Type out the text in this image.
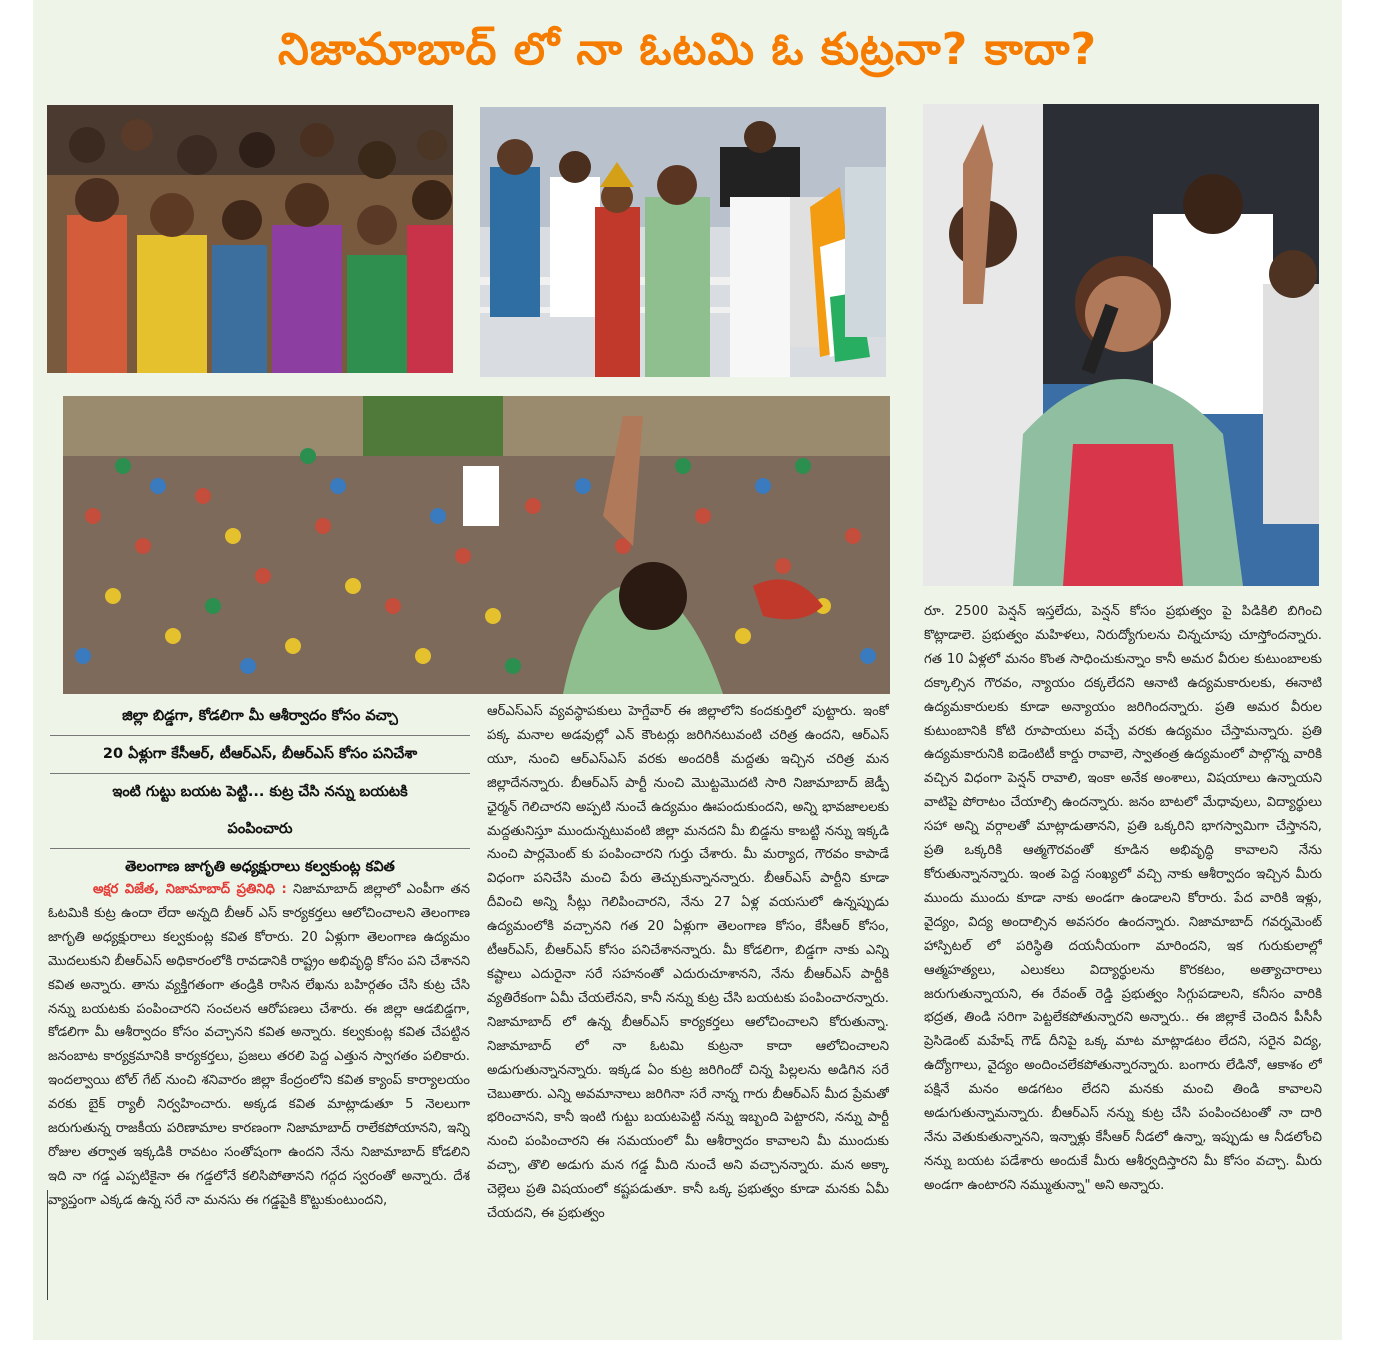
నిజామాబాద్ లో నా ఓటమి ఓ కుట్రనా? కాదా?
జిల్లా బిడ్డగా, కోడలిగా మీ ఆశీర్వాదం కోసం వచ్చా
20 ఏళ్లుగా కేసీఆర్, టీఆర్ఎస్, బీఆర్ఎస్ కోసం పనిచేశా
ఇంటి గుట్టు బయట పెట్టి... కుట్ర చేసి నన్ను బయటకి
పంపించారు
తెలంగాణ జాగృతి అధ్యక్షురాలు కల్వకుంట్ల కవిత

అక్షర విజేత, నిజామాబాద్ ప్రతినిధి : నిజామాబాద్ జిల్లాలో ఎంపీగా తన ఓటమికి కుట్ర ఉందా లేదా అన్నది బీఆర్ ఎస్ కార్యకర్తలు ఆలోచించాలని తెలంగాణ జాగృతి అధ్యక్షురాలు కల్వకుంట్ల కవిత కోరారు. 20 ఏళ్లుగా తెలంగాణ ఉద్యమం మొదలుకుని బీఆర్ఎస్ అధికారంలోకి రావడానికి రాష్ట్రం అభివృద్ధి కోసం పని చేశానని కవిత అన్నారు. తాను వ్యక్తిగతంగా తండ్రికి రాసిన లేఖను బహిర్గతం చేసి కుట్ర చేసి నన్ను బయటకు పంపించారని సంచలన ఆరోపణలు చేశారు. ఈ జిల్లా ఆడబిడ్డగా, కోడలిగా మీ ఆశీర్వాదం కోసం వచ్చానని కవిత అన్నారు. కల్వకుంట్ల కవిత చేపట్టిన జనంబాట కార్యక్రమానికి కార్యకర్తలు, ప్రజలు తరలి పెద్ద ఎత్తున స్వాగతం పలికారు. ఇందల్వాయి టోల్ గేట్ నుంచి శనివారం జిల్లా కేంద్రంలోని కవిత క్యాంప్ కార్యాలయం వరకు బైక్ ర్యాలీ నిర్వహించారు. అక్కడ కవిత మాట్లాడుతూ 5 నెలలుగా జరుగుతున్న రాజకీయ పరిణామాల కారణంగా నిజామాబాద్ రాలేకపోయానని, ఇన్ని రోజుల తర్వాత ఇక్కడికి రావటం సంతోషంగా ఉందని నేను నిజామాబాద్ కోడలిని ఇది నా గడ్డ ఎప్పటికైనా ఈ గడ్డలోనే కలిసిపోతానని గద్గద స్వరంతో అన్నారు. దేశ వ్యాప్తంగా ఎక్కడ ఉన్న సరే నా మనసు ఈ గడ్డపైకి కొట్టుకుంటుందని,

ఆర్ఎస్ఎస్ వ్యవస్థాపకులు హెగ్డేవార్ ఈ జిల్లాలోని కందకుర్తిలో పుట్టారు. ఇంకో పక్క మనాల అడవుల్లో ఎన్ కౌంటర్లు జరిగినటువంటి చరిత్ర ఉందని, ఆర్ఎస్ యూ, నుంచి ఆర్ఎస్ఎస్ వరకు అందరికీ మద్దతు ఇచ్చిన చరిత్ర మన జిల్లాదేనన్నారు. బీఆర్ఎస్ పార్టీ నుంచి మొట్టమొదటి సారి నిజామాబాద్ జెడ్పీ ఛైర్మన్ గెలిచారని అప్పటి నుంచే ఉద్యమం ఊపందుకుందని, అన్ని భావజాలలకు మద్దతునిస్తూ ముందున్నటువంటి జిల్లా మనదని మీ బిడ్డను కాబట్టి నన్ను ఇక్కడి నుంచి పార్లమెంట్ కు పంపించారని గుర్తు చేశారు. మీ మర్యాద, గౌరవం కాపాడే విధంగా పనిచేసి మంచి పేరు తెచ్చుకున్నానన్నారు. బీఆర్ఎస్ పార్టీని కూడా దీవించి అన్ని సీట్లు గెలిపించారని, నేను 27 ఏళ్ల వయసులో ఉన్నప్పుడు ఉద్యమంలోకి వచ్చానని గత 20 ఏళ్లుగా తెలంగాణ కోసం, కేసీఆర్ కోసం, టీఆర్ఎస్, బీఆర్ఎస్ కోసం పనిచేశానన్నారు. మీ కోడలిగా, బిడ్డగా నాకు ఎన్ని కష్టాలు ఎదురైనా సరే సహనంతో ఎదురుచూశానని, నేను బీఆర్ఎస్ పార్టీకి వ్యతిరేకంగా ఏమీ చేయలేనని, కానీ నన్ను కుట్ర చేసి బయటకు పంపించారన్నారు. నిజామాబాద్ లో ఉన్న బీఆర్ఎస్ కార్యకర్తలు ఆలోచించాలని కోరుతున్నా. నిజామాబాద్ లో నా ఓటమి కుట్రనా కాదా ఆలోచించాలని అడుగుతున్నానన్నారు. ఇక్కడ ఏం కుట్ర జరిగిందో చిన్న పిల్లలను అడిగిన సరే చెబుతారు. ఎన్ని అవమానాలు జరిగినా సరే నాన్న గారు బీఆర్ఎస్ మీద ప్రేమతో భరించానని, కానీ ఇంటి గుట్టు బయటపెట్టి నన్ను ఇబ్బంది పెట్టారని, నన్ను పార్టీ నుంచి పంపించారని ఈ సమయంలో మీ ఆశీర్వాదం కావాలని మీ ముందుకు వచ్చా, తొలి అడుగు మన గడ్డ మీది నుంచే అని వచ్చానన్నారు. మన అక్కా చెల్లెలు ప్రతి విషయంలో కష్టపడుతూ. కానీ ఒక్క ప్రభుత్వం కూడా మనకు ఏమీ చేయదని, ఈ ప్రభుత్వం

రూ. 2500 పెన్షన్ ఇస్తలేదు, పెన్షన్ కోసం ప్రభుత్వం పై పిడికిలి బిగించి కొట్లాడాలె. ప్రభుత్వం మహిళలు, నిరుద్యోగులను చిన్నచూపు చూస్తోందన్నారు. గత 10 ఏళ్లలో మనం కొంత సాధించుకున్నాం కానీ అమర వీరుల కుటుంబాలకు దక్కాల్సిన గౌరవం, న్యాయం దక్కలేదని ఆనాటి ఉద్యమకారులకు, ఈనాటి ఉద్యమకారులకు కూడా అన్యాయం జరిగిందన్నారు. ప్రతి అమర వీరుల కుటుంబానికి కోటి రూపాయలు వచ్చే వరకు ఉద్యమం చేస్తామన్నారు. ప్రతి ఉద్యమకారునికి ఐడెంటిటీ కార్డు రావాలె, స్వాతంత్ర ఉద్యమంలో పాల్గొన్న వారికి వచ్చిన విధంగా పెన్షన్ రావాలి, ఇంకా అనేక అంశాలు, విషయాలు ఉన్నాయని వాటిపై పోరాటం చేయాల్సి ఉందన్నారు. జనం బాటలో మేధావులు, విద్యార్థులు సహా అన్ని వర్గాలతో మాట్లాడుతానని, ప్రతి ఒక్కరిని భాగస్వామిగా చేస్తానని, ప్రతి ఒక్కరికి ఆత్మగౌరవంతో కూడిన అభివృద్ధి కావాలని నేను కోరుతున్నానన్నారు. ఇంత పెద్ద సంఖ్యలో వచ్చి నాకు ఆశీర్వాదం ఇచ్చిన మీరు ముందు ముందు కూడా నాకు అండగా ఉండాలని కోరారు. పేద వారికి ఇళ్లు, వైద్యం, విద్య అందాల్సిన అవసరం ఉందన్నారు. నిజామాబాద్ గవర్నమెంట్ హాస్పిటల్ లో పరిస్థితి దయనీయంగా మారిందని, ఇక గురుకులాల్లో ఆత్మహత్యలు, ఎలుకలు విద్యార్థులను కొరకటం, అత్యాచారాలు జరుగుతున్నాయని, ఈ రేవంత్ రెడ్డి ప్రభుత్వం సిగ్గుపడాలని, కనీసం వారికి భద్రత, తిండి సరిగా పెట్టలేకపోతున్నారని అన్నారు.. ఈ జిల్లాకే చెందిన పీసీసీ ప్రెసిడెంట్ మహేష్ గౌడ్ దీనిపై ఒక్క మాట మాట్లాడటం లేదని, సరైన విద్య, ఉద్యోగాలు, వైద్యం అందించలేకపోతున్నారన్నారు. బంగారు లేడినో, ఆకాశం లో పక్షినే మనం అడగటం లేదని మనకు మంచి తిండి కావాలని అడుగుతున్నామన్నారు. బీఆర్ఎస్ నన్ను కుట్ర చేసి పంపించటంతో నా దారి నేను వెతుకుతున్నానని, ఇన్నాళ్లు కేసీఆర్ నీడలో ఉన్నా, ఇప్పుడు ఆ నీడలోంచి నన్ను బయట పడేశారు అందుకే మీరు ఆశీర్వదిస్తారని మీ కోసం వచ్చా. మీరు అండగా ఉంటారని నమ్ముతున్నా" అని అన్నారు.
